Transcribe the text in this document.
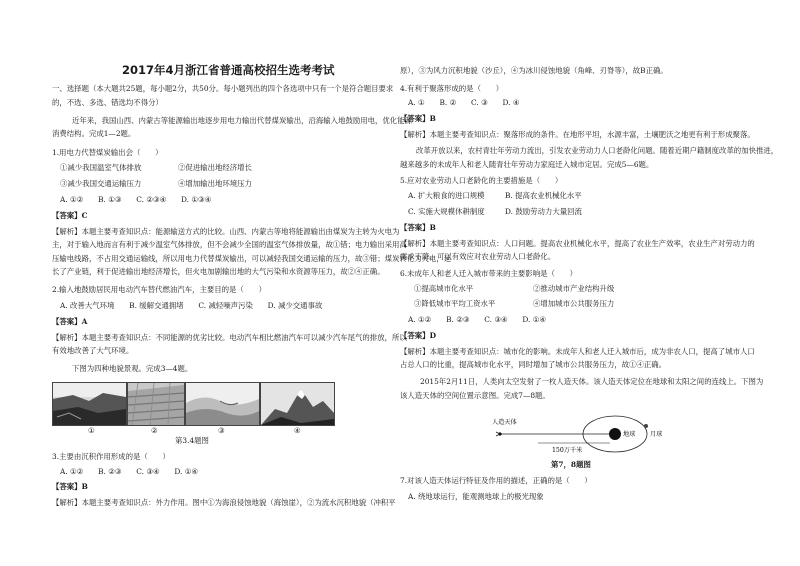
2017年4月浙江省普通高校招生选考考试
一、选择题（本大题共25题，每小题2分，共50分。每小题列出的四个各选项中只有一个是符合题目要求
的，不选、多选、错选均不得分）
近年来，我国山西、内蒙古等能源输出地逐步用电力输出代替煤炭输出，沿海输入地鼓励用电，优化能源
消费结构。完成1—2题。
1.用电力代替煤炭输出会（　　）
①减少我国温室气体排放	②促进输出地经济增长
③减少我国交通运输压力	④增加输出地环境压力
A. ①②　　B. ①③　　C. ②③④　　D. ①③④
【答案】C
【解析】本题主要考查知识点：能源输送方式的比较。山西、内蒙古等地将能源输出由煤炭为主转为火电为
主，对于输入地而言有利于减少温室气体排放，但不会减少全国的温室气体排放量，故①错；电力输出采用高
压输电线路，不占用交通运输线，所以用电力代替煤炭输出，可以减轻我国交通运输的压力，故③错；煤炭转化为火电，延
长了产业链，利于促进输出地经济增长，但火电加剧输出地的大气污染和水资源等压力，故②④正确。
2.输入地鼓励居民用电动汽车替代燃油汽车，主要目的是（　　）
A. 改善大气环境　　B. 缓解交通拥堵　　C. 减轻噪声污染　　D. 减少交通事故
【答案】A
【解析】本题主要考查知识点：不同能源的优劣比较。电动汽车相比燃油汽车可以减少汽车尾气的排放，所以
有效地改善了大气环境。
下图为四种地貌景观。完成3—4题。
①	②	③	④
第3.4题图
3.主要由沉积作用形成的是（　　）
A. ①②　　B. ②③　　C. ③④　　D. ①④
【答案】B
【解析】本题主要考查知识点：外力作用。图中①为海浪侵蚀地貌（海蚀崖），②为流水沉积地貌（冲积平
原），③为风力沉积地貌（沙丘），④为冰川侵蚀地貌（角峰、刃脊等），故B正确。
4.有利于聚落形成的是（　　）
A. ①　　B. ②　　C. ③　　D. ④
【答案】B
【解析】本题主要考查知识点：聚落形成的条件。在地形平坦，水源丰富，土壤肥沃之地更有利于形成聚落。
改革开放以来，农村青壮年劳动力流出，引发农业劳动力人口老龄化问题。随着近期户籍制度改革的加快推进，
越来越多的未成年人和老人随青壮年劳动力家庭迁入城市定居。完成5—6题。
5.应对农业劳动人口老龄化的主要措施是（　　）
A. 扩大粮食的进口规模	B. 提高农业机械化水平
C. 实施大规模休耕制度	D. 鼓励劳动力大量回流
【答案】B
【解析】本题主要考查知识点：人口问题。提高农业机械化水平，提高了农业生产效率，农业生产对劳动力的
需求下降，可以有效应对农业劳动人口老龄化。
6.未成年人和老人迁入城市带来的主要影响是（　　）
①提高城市化水平	②推动城市产业结构升级
③降低城市平均工资水平	④增加城市公共服务压力
A. ①②　　B. ②③　　C. ③④　　D. ①④
【答案】D
【解析】本题主要考查知识点：城市化的影响。未成年人和老人迁入城市后，成为非农人口，提高了城市人口
占总人口的比重，提高城市化水平，同时增加了城市公共服务压力，故①④正确。
2015年2月11日，人类向太空发射了一枚人造天体。该人造天体定位在地球和太阳之间的连线上。下图为
该人造天体的空间位置示意图。完成7—8题。
人造天体
地球 月球
150万千米
第7，8题图
7.对该人造天体运行特征及作用的描述，正确的是（　　）
A. 绕地球运行，能观测地球上的极光现象
